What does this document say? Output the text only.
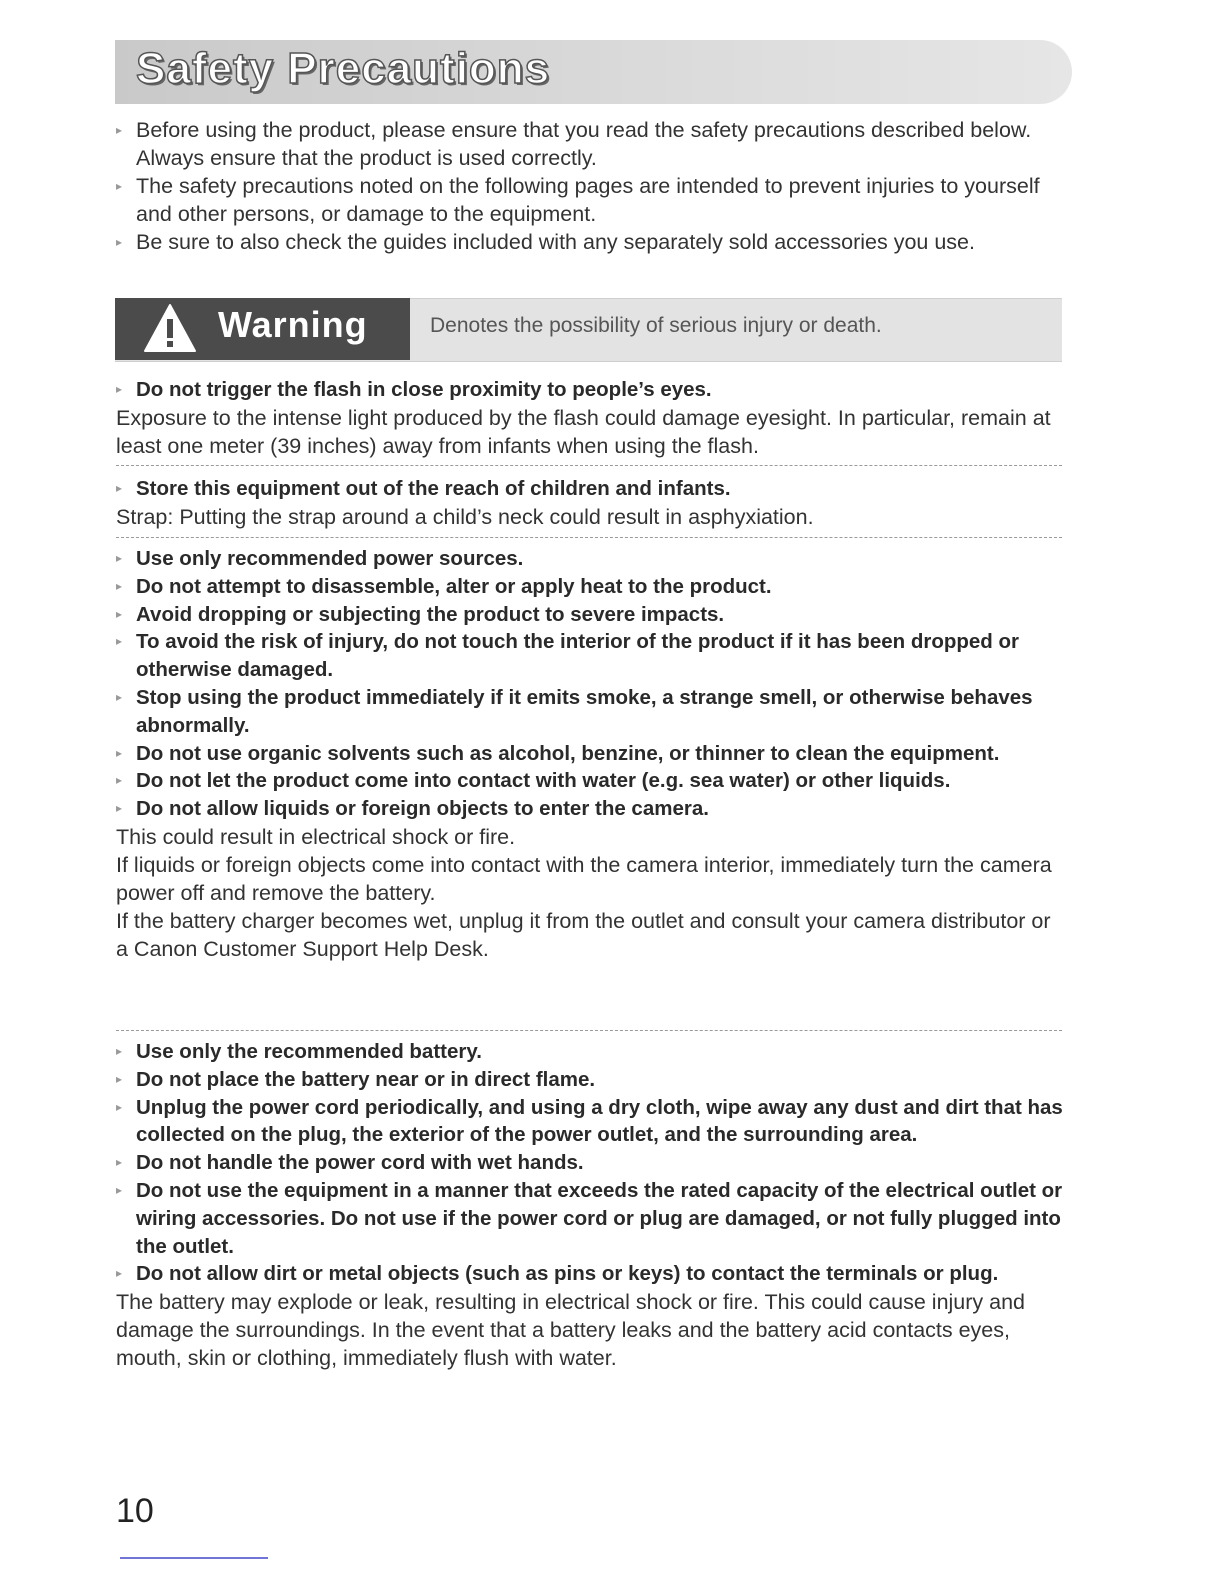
Safety Precautions
▸ Before using the product, please ensure that you read the safety precautions described below. Always ensure that the product is used correctly.
▸ The safety precautions noted on the following pages are intended to prevent injuries to yourself and other persons, or damage to the equipment.
▸ Be sure to also check the guides included with any separately sold accessories you use.
Warning	Denotes the possibility of serious injury or death.
▸ Do not trigger the flash in close proximity to people’s eyes.

Exposure to the intense light produced by the flash could damage eyesight. In particular, remain at least one meter (39 inches) away from infants when using the flash.

▸ Store this equipment out of the reach of children and infants.

Strap: Putting the strap around a child’s neck could result in asphyxiation.

▸ Use only recommended power sources.
▸ Do not attempt to disassemble, alter or apply heat to the product.
▸ Avoid dropping or subjecting the product to severe impacts.
▸ To avoid the risk of injury, do not touch the interior of the product if it has been dropped or otherwise damaged.
▸ Stop using the product immediately if it emits smoke, a strange smell, or otherwise behaves abnormally.
▸ Do not use organic solvents such as alcohol, benzine, or thinner to clean the equipment.
▸ Do not let the product come into contact with water (e.g. sea water) or other liquids.
▸ Do not allow liquids or foreign objects to enter the camera.

This could result in electrical shock or fire.

If liquids or foreign objects come into contact with the camera interior, immediately turn the camera power off and remove the battery.

If the battery charger becomes wet, unplug it from the outlet and consult your camera distributor or a Canon Customer Support Help Desk.

▸ Use only the recommended battery.
▸ Do not place the battery near or in direct flame.
▸ Unplug the power cord periodically, and using a dry cloth, wipe away any dust and dirt that has collected on the plug, the exterior of the power outlet, and the surrounding area.
▸ Do not handle the power cord with wet hands.
▸ Do not use the equipment in a manner that exceeds the rated capacity of the electrical outlet or wiring accessories. Do not use if the power cord or plug are damaged, or not fully plugged into the outlet.
▸ Do not allow dirt or metal objects (such as pins or keys) to contact the terminals or plug.

The battery may explode or leak, resulting in electrical shock or fire. This could cause injury and damage the surroundings. In the event that a battery leaks and the battery acid contacts eyes, mouth, skin or clothing, immediately flush with water.

10
